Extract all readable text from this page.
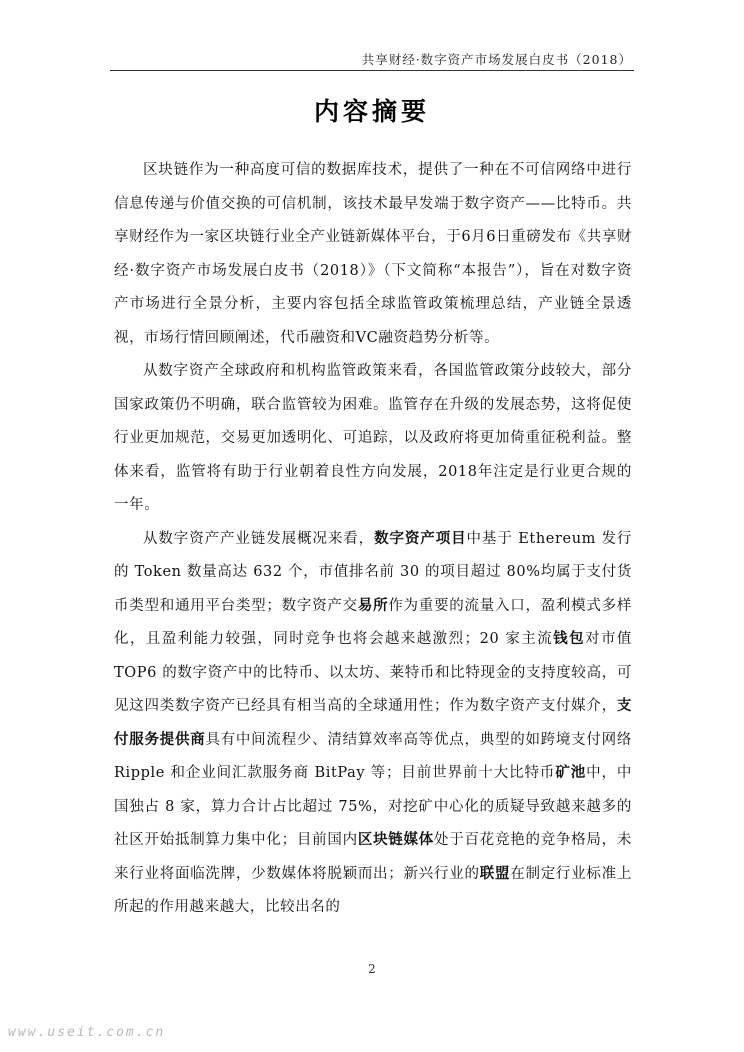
共享财经·数字资产市场发展白皮书（2018）
内容摘要

区块链作为一种高度可信的数据库技术，提供了一种在不可信网络中进行信息传递与价值交换的可信机制，该技术最早发端于数字资产——比特币。共享财经作为一家区块链行业全产业链新媒体平台，于6月6日重磅发布《共享财经·数字资产市场发展白皮书（2018）》（下文简称“本报告”），旨在对数字资产市场进行全景分析，主要内容包括全球监管政策梳理总结，产业链全景透视，市场行情回顾阐述，代币融资和VC融资趋势分析等。

从数字资产全球政府和机构监管政策来看，各国监管政策分歧较大，部分国家政策仍不明确，联合监管较为困难。监管存在升级的发展态势，这将促使行业更加规范，交易更加透明化、可追踪，以及政府将更加倚重征税利益。整体来看，监管将有助于行业朝着良性方向发展，2018年注定是行业更合规的一年。

从数字资产产业链发展概况来看，数字资产项目中基于 Ethereum 发行的 Token 数量高达 632 个，市值排名前 30 的项目超过 80%均属于支付货币类型和通用平台类型；数字资产交易所作为重要的流量入口，盈利模式多样化，且盈利能力较强，同时竞争也将会越来越激烈；20 家主流钱包对市值 TOP6 的数字资产中的比特币、以太坊、莱特币和比特现金的支持度较高，可见这四类数字资产已经具有相当高的全球通用性；作为数字资产支付媒介，支付服务提供商具有中间流程少、清结算效率高等优点，典型的如跨境支付网络 Ripple 和企业间汇款服务商 BitPay 等；目前世界前十大比特币矿池中，中国独占 8 家，算力合计占比超过 75%，对挖矿中心化的质疑导致越来越多的社区开始抵制算力集中化；目前国内区块链媒体处于百花竞艳的竞争格局，未来行业将面临洗牌，少数媒体将脱颖而出；新兴行业的联盟在制定行业标准上所起的作用越来越大，比较出名的

2
www.useit.com.cn
